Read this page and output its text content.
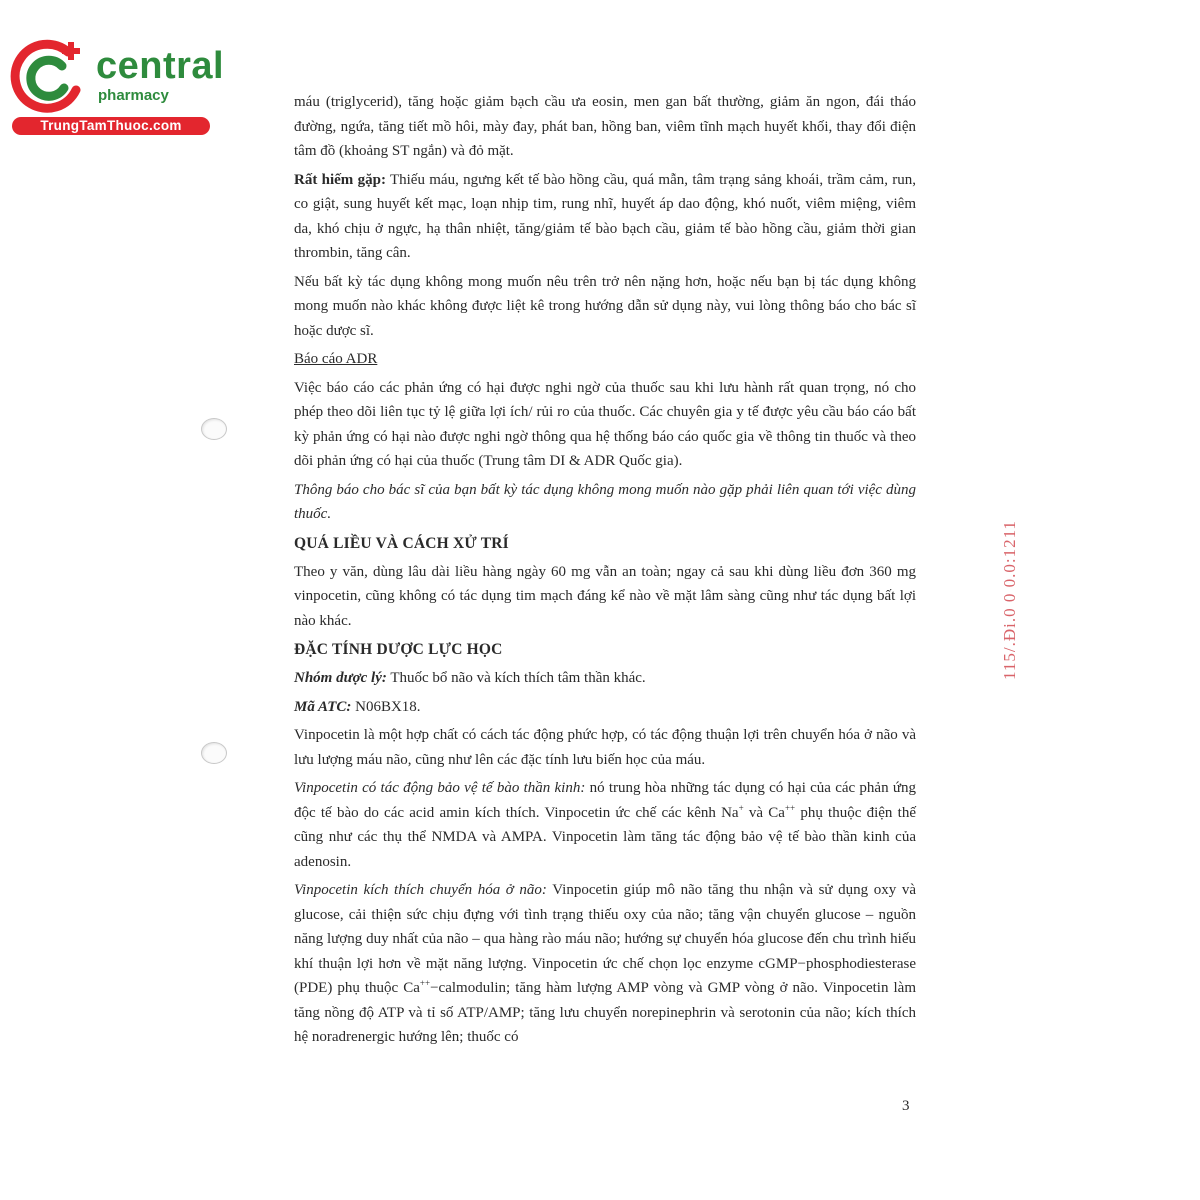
central
pharmacy
TrungTamThuoc.com

máu (triglycerid), tăng hoặc giảm bạch cầu ưa eosin, men gan bất thường, giảm ăn ngon, đái tháo đường, ngứa, tăng tiết mồ hôi, mày đay, phát ban, hồng ban, viêm tĩnh mạch huyết khối, thay đổi điện tâm đồ (khoảng ST ngắn) và đỏ mặt.

Rất hiếm gặp: Thiếu máu, ngưng kết tế bào hồng cầu, quá mẫn, tâm trạng sảng khoái, trầm cảm, run, co giật, sung huyết kết mạc, loạn nhịp tim, rung nhĩ, huyết áp dao động, khó nuốt, viêm miệng, viêm da, khó chịu ở ngực, hạ thân nhiệt, tăng/giảm tế bào bạch cầu, giảm tế bào hồng cầu, giảm thời gian thrombin, tăng cân.

Nếu bất kỳ tác dụng không mong muốn nêu trên trở nên nặng hơn, hoặc nếu bạn bị tác dụng không mong muốn nào khác không được liệt kê trong hướng dẫn sử dụng này, vui lòng thông báo cho bác sĩ hoặc dược sĩ.

Báo cáo ADR

Việc báo cáo các phản ứng có hại được nghi ngờ của thuốc sau khi lưu hành rất quan trọng, nó cho phép theo dõi liên tục tỷ lệ giữa lợi ích/ rủi ro của thuốc. Các chuyên gia y tế được yêu cầu báo cáo bất kỳ phản ứng có hại nào được nghi ngờ thông qua hệ thống báo cáo quốc gia về thông tin thuốc và theo dõi phản ứng có hại của thuốc (Trung tâm DI & ADR Quốc gia).

Thông báo cho bác sĩ của bạn bất kỳ tác dụng không mong muốn nào gặp phải liên quan tới việc dùng thuốc.

QUÁ LIỀU VÀ CÁCH XỬ TRÍ

Theo y văn, dùng lâu dài liều hàng ngày 60 mg vẫn an toàn; ngay cả sau khi dùng liều đơn 360 mg vinpocetin, cũng không có tác dụng tim mạch đáng kể nào về mặt lâm sàng cũng như tác dụng bất lợi nào khác.

ĐẶC TÍNH DƯỢC LỰC HỌC

Nhóm dược lý: Thuốc bổ não và kích thích tâm thần khác.

Mã ATC: N06BX18.

Vinpocetin là một hợp chất có cách tác động phức hợp, có tác động thuận lợi trên chuyển hóa ở não và lưu lượng máu não, cũng như lên các đặc tính lưu biến học của máu.

Vinpocetin có tác động bảo vệ tế bào thần kinh: nó trung hòa những tác dụng có hại của các phản ứng độc tế bào do các acid amin kích thích. Vinpocetin ức chế các kênh Na+ và Ca++ phụ thuộc điện thế cũng như các thụ thể NMDA và AMPA. Vinpocetin làm tăng tác động bảo vệ tế bào thần kinh của adenosin.

Vinpocetin kích thích chuyển hóa ở não: Vinpocetin giúp mô não tăng thu nhận và sử dụng oxy và glucose, cải thiện sức chịu đựng với tình trạng thiếu oxy của não; tăng vận chuyển glucose – nguồn năng lượng duy nhất của não – qua hàng rào máu não; hướng sự chuyển hóa glucose đến chu trình hiếu khí thuận lợi hơn về mặt năng lượng. Vinpocetin ức chế chọn lọc enzyme cGMP−phosphodiesterase (PDE) phụ thuộc Ca++−calmodulin; tăng hàm lượng AMP vòng và GMP vòng ở não. Vinpocetin làm tăng nồng độ ATP và tỉ số ATP/AMP; tăng lưu chuyển norepinephrin và serotonin của não; kích thích hệ noradrenergic hướng lên; thuốc có

115/.Đi.0 0 0.0:1211
3
